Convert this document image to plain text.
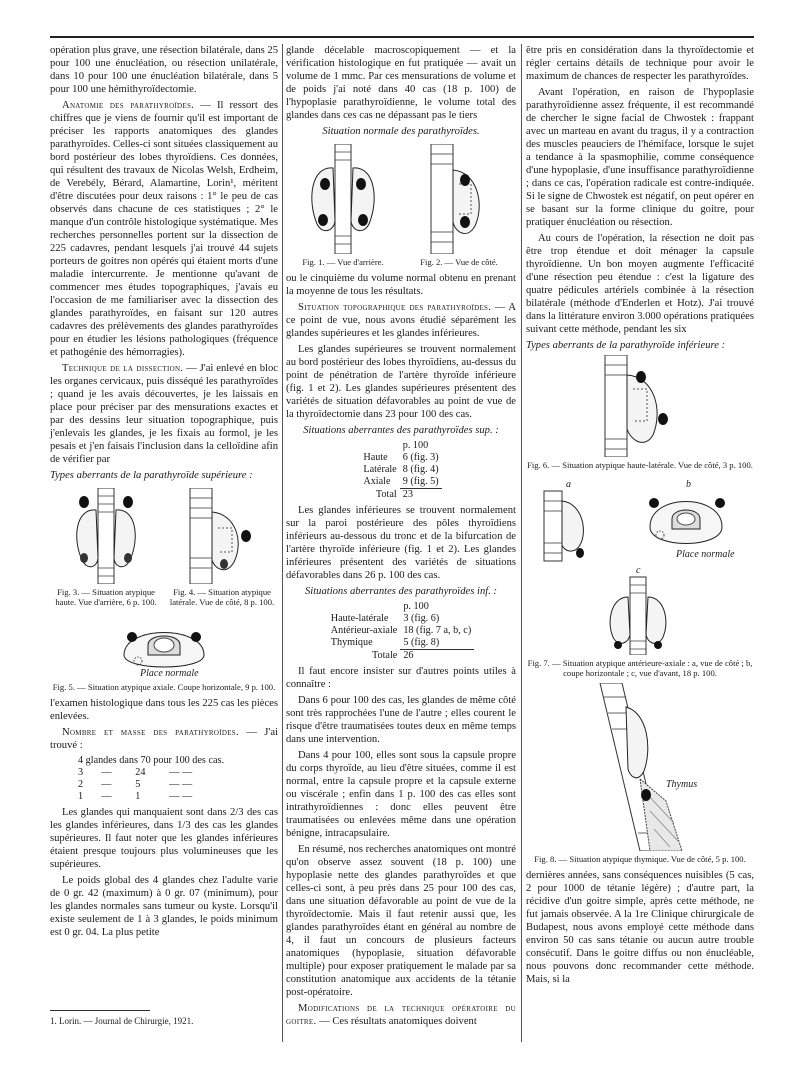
opération plus grave, une résection bilatérale, dans 25 pour 100 une énucléation, ou résection unilatérale, dans 10 pour 100 une énucléation bilatérale, dans 5 pour 100 une hémithyroïdectomie.

Anatomie des parathyroïdes. — Il ressort des chiffres que je viens de fournir qu'il est important de préciser les rapports anatomiques des glandes parathyroïdes. Celles-ci sont situées classiquement au bord postérieur des lobes thyroïdiens. Ces données, qui résultent des travaux de Nicolas Welsh, Erdheim, de Verebély, Bérard, Alamartine, Lorin¹, méritent d'être discutées pour deux raisons : 1° le peu de cas observés dans chacune de ces statistiques ; 2° le manque d'un contrôle histologique systématique. Mes recherches personnelles portent sur la dissection de 225 cadavres, pendant lesquels j'ai trouvé 44 sujets porteurs de goitres non opérés qui étaient morts d'une maladie intercurrente. Je mentionne qu'avant de commencer mes études topographiques, j'avais eu l'occasion de me familiariser avec la dissection des glandes parathyroïdes, en faisant sur 120 autres cadavres des prélèvements des glandes parathyroïdes pour en étudier les lésions pathologiques (fréquence et pathogénie des hémorragies).

Technique de la dissection. — J'ai enlevé en bloc les organes cervicaux, puis disséqué les parathyroïdes ; quand je les avais découvertes, je les laissais en place pour préciser par des mensurations exactes et par des dessins leur situation topographique, puis j'enlevais les glandes, je les fixais au formol, je les pesais et j'en faisais l'inclusion dans la celloïdine afin de vérifier par

Types aberrants de la parathyroïde supérieure :

Fig. 3. — Situation atypique haute. Vue d'arrière, 6 p. 100.
Fig. 4. — Situation atypique latérale. Vue de côté, 8 p. 100.
Place normale
Fig. 5. — Situation atypique axiale. Coupe horizontale, 9 p. 100.

l'examen histologique dans tous les 225 cas les pièces enlevées.

Nombre et masse des parathyroïdes. — J'ai trouvé :

4 glandes dans 70 pour 100 des cas.			
3	—	24	— —
2	—	5	— —
1	—	1	— —

Les glandes qui manquaient sont dans 2/3 des cas les glandes inférieures, dans 1/3 des cas les glandes supérieures. Il faut noter que les glandes inférieures étaient presque toujours plus volumineuses que les supérieures.

Le poids global des 4 glandes chez l'adulte varie de 0 gr. 42 (maximum) à 0 gr. 07 (minimum), pour les glandes normales sans tumeur ou kyste. Lorsqu'il existe seulement de 1 à 3 glandes, le poids minimum est 0 gr. 04. La plus petite

1. Lorin. — Journal de Chirurgie, 1921.

glande décelable macroscopiquement — et la vérification histologique en fut pratiquée — avait un volume de 1 mmc. Par ces mensurations de volume et de poids j'ai noté dans 40 cas (18 p. 100) de l'hypoplasie parathyroïdienne, le volume total des glandes dans ces cas ne dépassant pas le tiers

Situation normale des parathyroïdes.

Fig. 1. — Vue d'arrière.	Fig. 2. — Vue de côté.

ou le cinquième du volume normal obtenu en prenant la moyenne de tous les résultats.

Situation topographique des parathyroïdes. — A ce point de vue, nous avons étudié séparément les glandes supérieures et les glandes inférieures.

Les glandes supérieures se trouvent normalement au bord postérieur des lobes thyroïdiens, au-dessus du point de pénétration de l'artère thyroïde inférieure (fig. 1 et 2). Les glandes supérieures présentent des variétés de situation défavorables au point de vue de la thyroïdectomie dans 23 pour 100 des cas.

Situations aberrantes des parathyroïdes sup. :

	p. 100
Haute	6 (fig. 3)
Latérale	8 (fig. 4)
Axiale	9 (fig. 5)
Total	23

Les glandes inférieures se trouvent normalement sur la paroi postérieure des pôles thyroïdiens inférieurs au-dessous du tronc et de la bifurcation de l'artère thyroïde inférieure (fig. 1 et 2). Les glandes inférieures présentent des variétés de situations défavorables dans 26 p. 100 des cas.

Situations aberrantes des parathyroïdes inf. :

	p. 100
Haute-latérale	3 (fig. 6)
Antérieur-axiale	18 (fig. 7 a, b, c)
Thymique	5 (fig. 8)
Totale	26

Il faut encore insister sur d'autres points utiles à connaître :

Dans 6 pour 100 des cas, les glandes de même côté sont très rapprochées l'une de l'autre ; elles courent le risque d'être traumatisées toutes deux en même temps dans une intervention.

Dans 4 pour 100, elles sont sous la capsule propre du corps thyroïde, au lieu d'être situées, comme il est normal, entre la capsule propre et la capsule externe ou viscérale ; enfin dans 1 p. 100 des cas elles sont intrathyroïdiennes : donc elles peuvent être traumatisées ou enlevées même dans une opération bénigne, intracapsulaire.

En résumé, nos recherches anatomiques ont montré qu'on observe assez souvent (18 p. 100) une hypoplasie nette des glandes parathyroïdes et que celles-ci sont, à peu près dans 25 pour 100 des cas, dans une situation défavorable au point de vue de la thyroïdectomie. Mais il faut retenir aussi que, les glandes parathyroïdes étant en général au nombre de 4, il faut un concours de plusieurs facteurs anatomiques (hypoplasie, situation défavorable multiple) pour exposer pratiquement le malade par sa constitution anatomique aux accidents de la tétanie post-opératoire.

Modifications de la technique opératoire du goitre. — Ces résultats anatomiques doivent

être pris en considération dans la thyroïdectomie et régler certains détails de technique pour avoir le maximum de chances de respecter les parathyroïdes.

Avant l'opération, en raison de l'hypoplasie parathyroïdienne assez fréquente, il est recommandé de chercher le signe facial de Chwostek : frappant avec un marteau en avant du tragus, il y a contraction des muscles peauciers de l'hémiface, lorsque le sujet a tendance à la spasmophilie, comme conséquence d'une hypoplasie, d'une insuffisance parathyroïdienne ; dans ce cas, l'opération radicale est contre-indiquée. Si le signe de Chwostek est négatif, on peut opérer en se basant sur la forme clinique du goitre, pour pratiquer énucléation ou résection.

Au cours de l'opération, la résection ne doit pas être trop étendue et doit ménager la capsule thyroïdienne. Un bon moyen augmente l'efficacité d'une résection peu étendue : c'est la ligature des quatre pédicules artériels combinée à la résection bilatérale (méthode d'Enderlen et Hotz). J'ai trouvé dans la littérature environ 3.000 opérations pratiquées suivant cette méthode, pendant les six

Types aberrants de la parathyroïde inférieure :

Fig. 6. — Situation atypique haute-latérale. Vue de côté, 3 p. 100.
a	b
Place normale
c
Fig. 7. — Situation atypique antérieure-axiale : a, vue de côté ; b, coupe horizontale ; c, vue d'avant, 18 p. 100.
Thymus
Fig. 8. — Situation atypique thymique. Vue de côté, 5 p. 100.

dernières années, sans conséquences nuisibles (5 cas, 2 pour 1000 de tétanie légère) ; d'autre part, la récidive d'un goitre simple, après cette méthode, ne fut jamais observée. A la 1re Clinique chirurgicale de Budapest, nous avons employé cette méthode dans environ 50 cas sans tétanie ou aucun autre trouble consécutif. Dans le goitre diffus ou non énucléable, nous pouvons donc recommander cette méthode. Mais, si la
